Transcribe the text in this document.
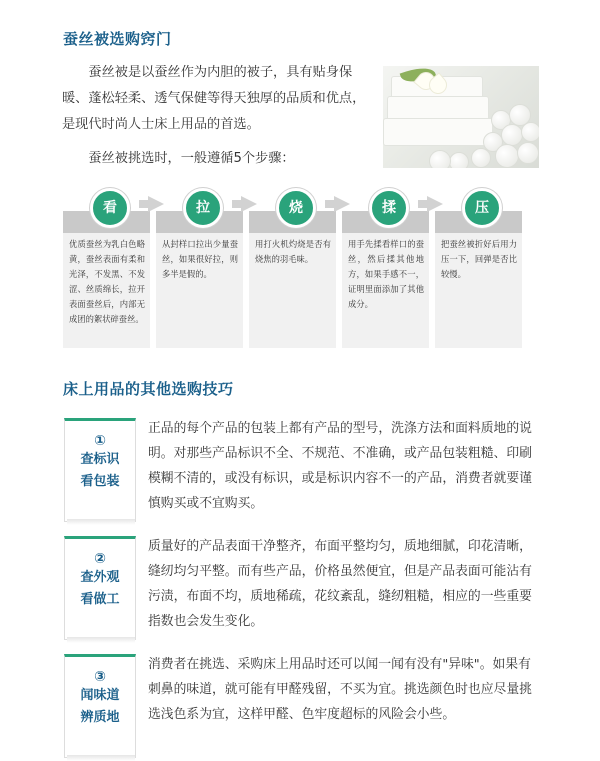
蚕丝被选购窍门

蚕丝被是以蚕丝作为内胆的被子，具有贴身保暖、蓬松轻柔、透气保健等得天独厚的品质和优点，是现代时尚人士床上用品的首选。

蚕丝被挑选时，一般遵循5个步骤：

优质蚕丝为乳白色略黄，蚕丝表面有柔和光泽，不发黑、不发涩、丝质绵长，拉开表面蚕丝后，内部无成团的絮状碎蚕丝。
从封样口拉出少量蚕丝，如果很好拉，则多半是假的。
用打火机灼烧是否有烧焦的羽毛味。
用手先揉看样口的蚕丝，然后揉其他地方，如果手感不一，证明里面添加了其他成分。
把蚕丝被折好后用力压一下，回弹是否比较慢。
看	拉	烧	揉	压
床上用品的其他选购技巧
①
查标识
看包装

正品的每个产品的包装上都有产品的型号，洗涤方法和面料质地的说明。对那些产品标识不全、不规范、不准确，或产品包装粗糙、印刷模糊不清的，或没有标识，或是标识内容不一的产品，消费者就要谨慎购买或不宜购买。

②
查外观
看做工

质量好的产品表面干净整齐，布面平整均匀，质地细腻，印花清晰，缝纫均匀平整。而有些产品，价格虽然便宜，但是产品表面可能沾有污渍，布面不均，质地稀疏，花纹紊乱，缝纫粗糙，相应的一些重要指数也会发生变化。

③
闻味道
辨质地

消费者在挑选、采购床上用品时还可以闻一闻有没有"异味"。如果有刺鼻的味道，就可能有甲醛残留，不买为宜。挑选颜色时也应尽量挑选浅色系为宜，这样甲醛、色牢度超标的风险会小些。
